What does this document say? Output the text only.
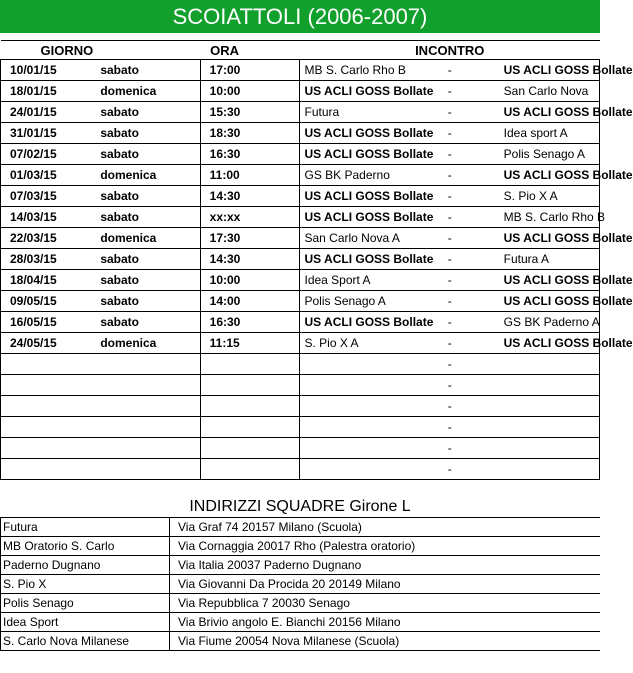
SCOIATTOLI (2006-2007)
GIORNO		ORA	INCONTRO		
10/01/15	sabato	17:00	MB S. Carlo Rho B	-	US ACLI GOSS Bollate
18/01/15	domenica	10:00	US ACLI GOSS Bollate	-	San Carlo Nova
24/01/15	sabato	15:30	Futura	-	US ACLI GOSS Bollate
31/01/15	sabato	18:30	US ACLI GOSS Bollate	-	Idea sport A
07/02/15	sabato	16:30	US ACLI GOSS Bollate	-	Polis Senago A
01/03/15	domenica	11:00	GS BK Paderno	-	US ACLI GOSS Bollate
07/03/15	sabato	14:30	US ACLI GOSS Bollate	-	S. Pio X A
14/03/15	sabato	xx:xx	US ACLI GOSS Bollate	-	MB S. Carlo Rho B
22/03/15	domenica	17:30	San Carlo Nova A	-	US ACLI GOSS Bollate
28/03/15	sabato	14:30	US ACLI GOSS Bollate	-	Futura A
18/04/15	sabato	10:00	Idea Sport A	-	US ACLI GOSS Bollate
09/05/15	sabato	14:00	Polis Senago A	-	US ACLI GOSS Bollate
16/05/15	sabato	16:30	US ACLI GOSS Bollate	-	GS BK Paderno A
24/05/15	domenica	11:15	S. Pio X A	-	US ACLI GOSS Bollate
				-	
				-	
				-	
				-	
				-	
				-	
INDIRIZZI SQUADRE Girone L
Futura	Via Graf 74 20157 Milano (Scuola)
MB Oratorio S. Carlo	Via Cornaggia 20017 Rho (Palestra oratorio)
Paderno Dugnano	Via Italia 20037 Paderno Dugnano
S. Pio X	Via Giovanni Da Procida 20 20149 Milano
Polis Senago	Via Repubblica 7 20030 Senago
Idea Sport	Via Brivio angolo E. Bianchi 20156 Milano
S. Carlo Nova Milanese	Via Fiume 20054 Nova Milanese (Scuola)
